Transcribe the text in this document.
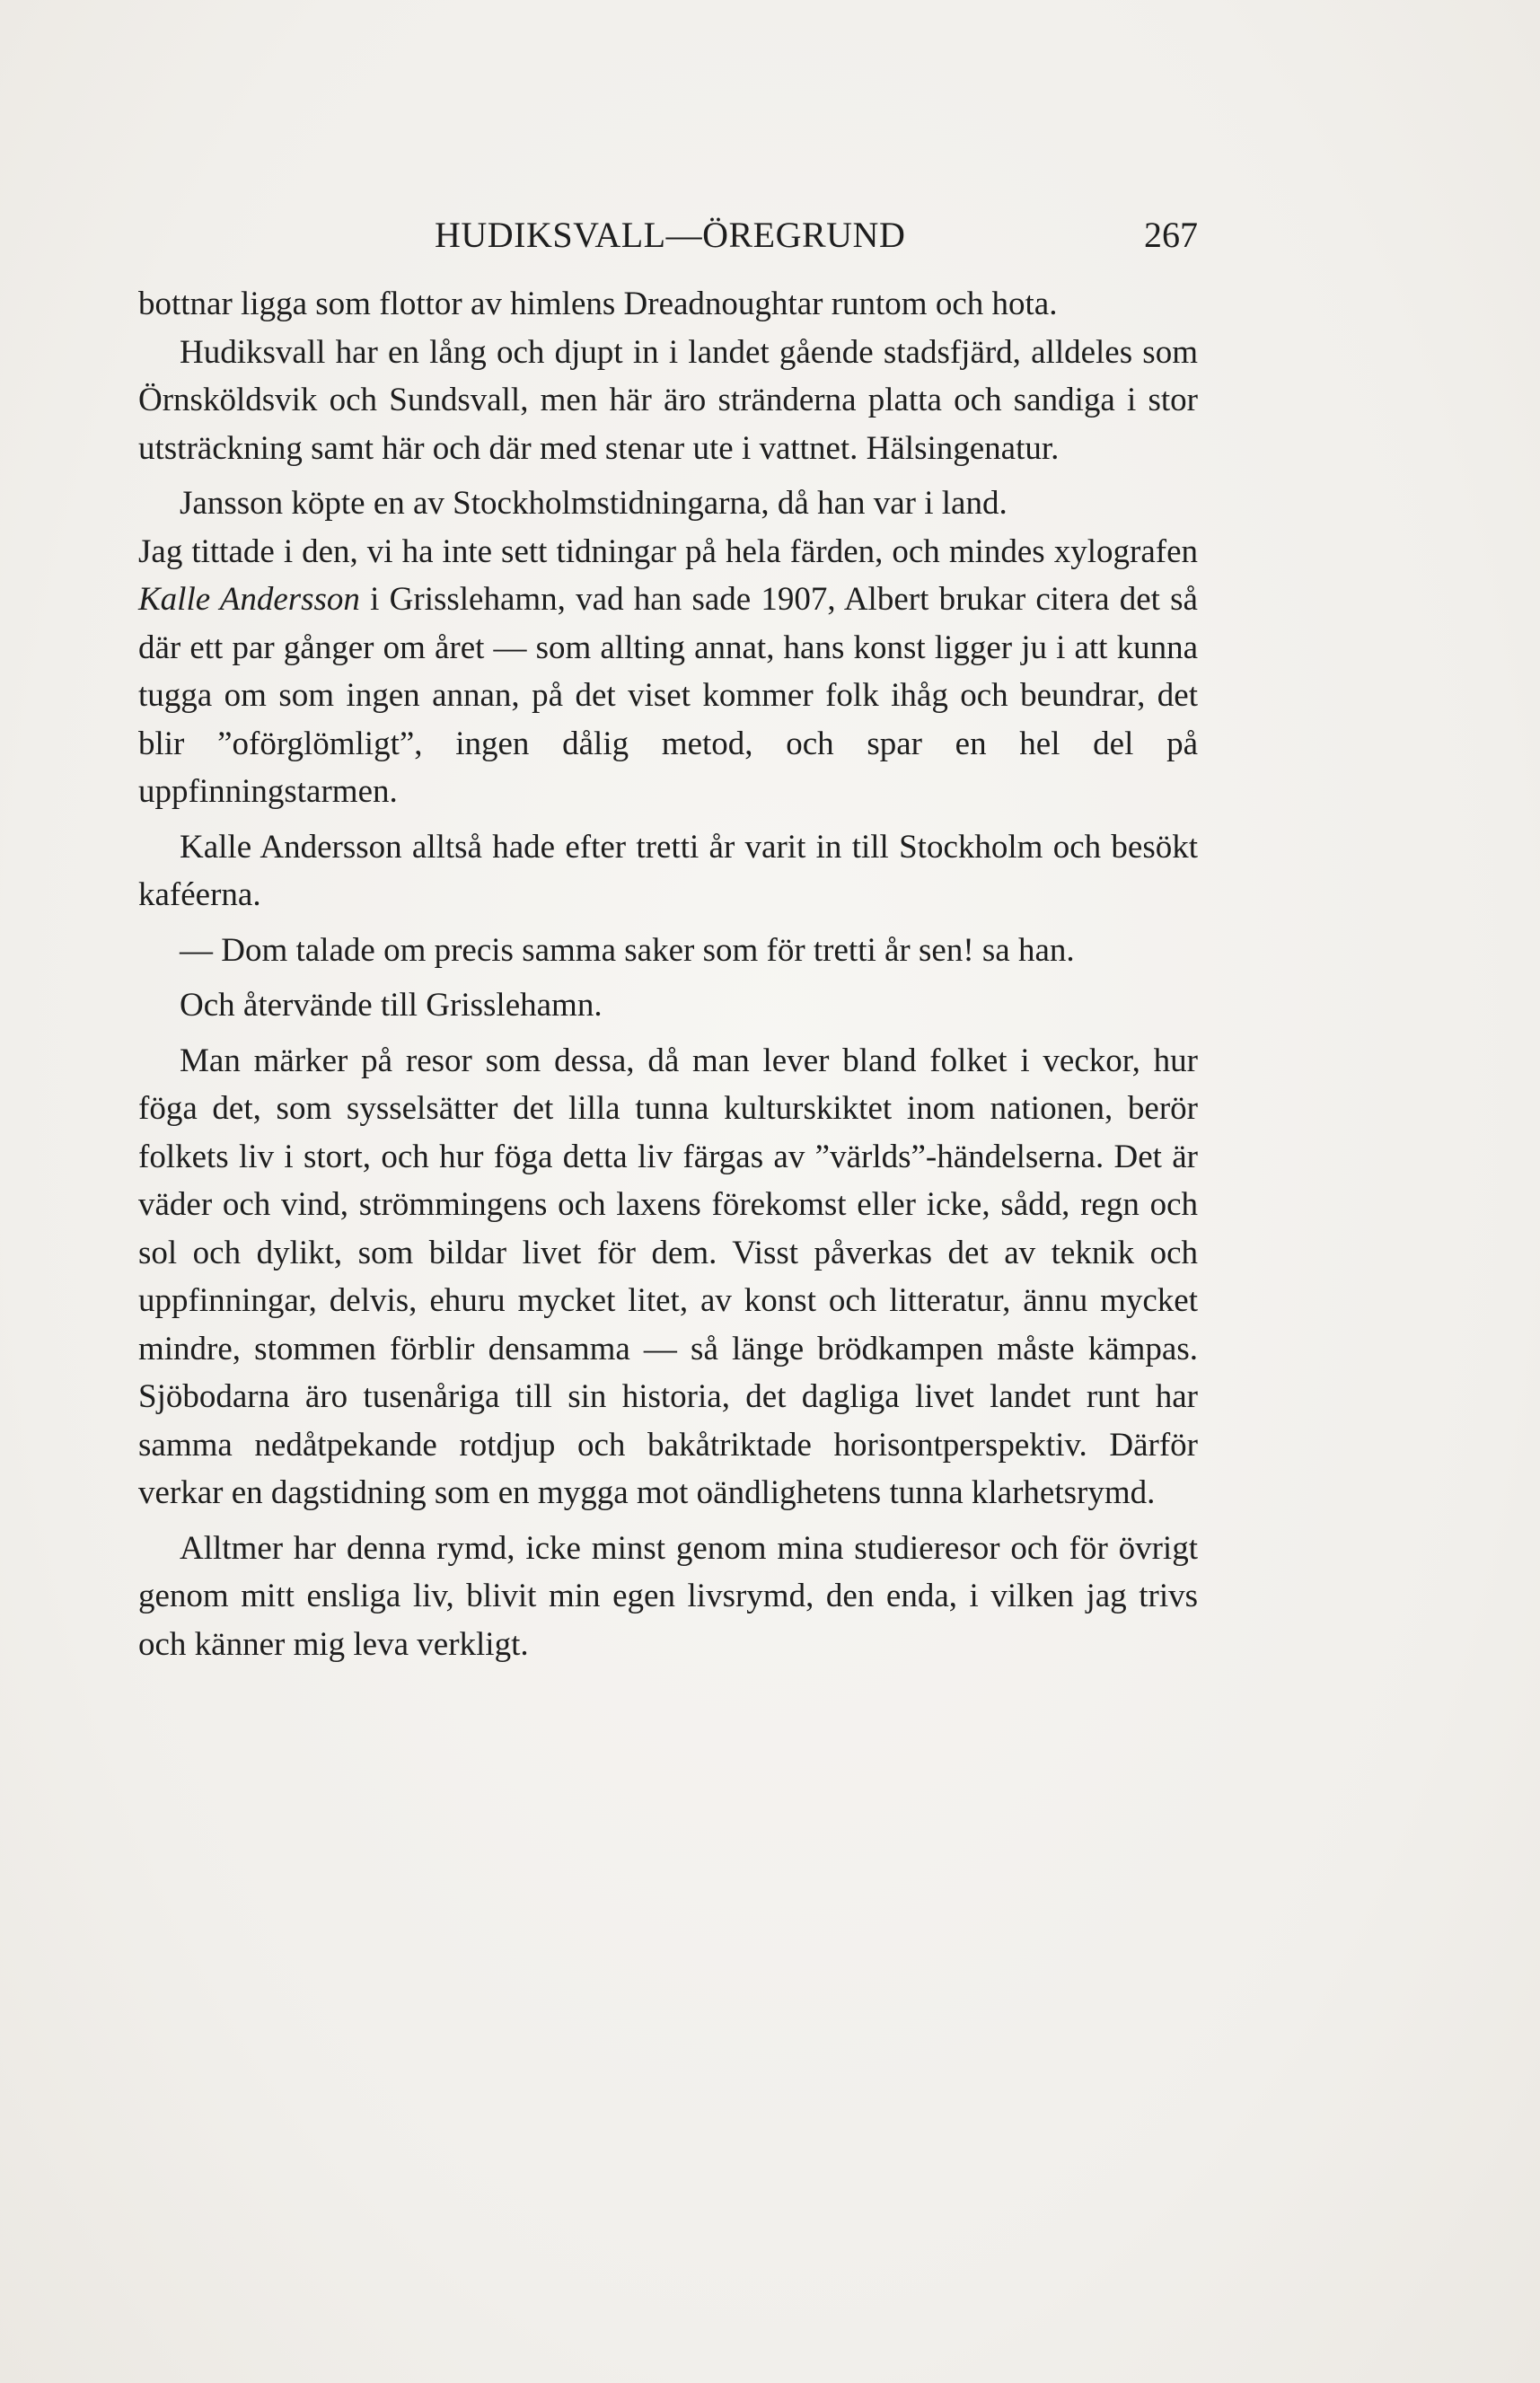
HUDIKSVALL—ÖREGRUND	267

bottnar ligga som flottor av himlens Dreadnoughtar runtom och hota.

Hudiksvall har en lång och djupt in i landet gående stadsfjärd, alldeles som Örnsköldsvik och Sundsvall, men här äro stränderna platta och sandiga i stor utsträckning samt här och där med stenar ute i vattnet. Hälsingenatur.

Jansson köpte en av Stockholmstidningarna, då han var i land.

Jag tittade i den, vi ha inte sett tidningar på hela färden, och mindes xylografen Kalle Andersson i Grisslehamn, vad han sade 1907, Albert brukar citera det så där ett par gånger om året — som allting annat, hans konst ligger ju i att kunna tugga om som ingen annan, på det viset kommer folk ihåg och beundrar, det blir ”oförglömligt”, ingen dålig metod, och spar en hel del på uppfinningstarmen.

Kalle Andersson alltså hade efter tretti år varit in till Stockholm och besökt kaféerna.

— Dom talade om precis samma saker som för tretti år sen! sa han.

Och återvände till Grisslehamn.

Man märker på resor som dessa, då man lever bland folket i veckor, hur föga det, som sysselsätter det lilla tunna kulturskiktet inom nationen, berör folkets liv i stort, och hur föga detta liv färgas av ”världs”-händelserna. Det är väder och vind, strömmingens och laxens förekomst eller icke, sådd, regn och sol och dylikt, som bildar livet för dem. Visst påverkas det av teknik och uppfinningar, delvis, ehuru mycket litet, av konst och litteratur, ännu mycket mindre, stommen förblir densamma — så länge brödkampen måste kämpas. Sjöbodarna äro tusenåriga till sin historia, det dagliga livet landet runt har samma nedåtpekande rotdjup och bakåtriktade horisontperspektiv. Därför verkar en dagstidning som en mygga mot oändlighetens tunna klarhetsrymd.

Alltmer har denna rymd, icke minst genom mina studieresor och för övrigt genom mitt ensliga liv, blivit min egen livsrymd, den enda, i vilken jag trivs och känner mig leva verkligt.
